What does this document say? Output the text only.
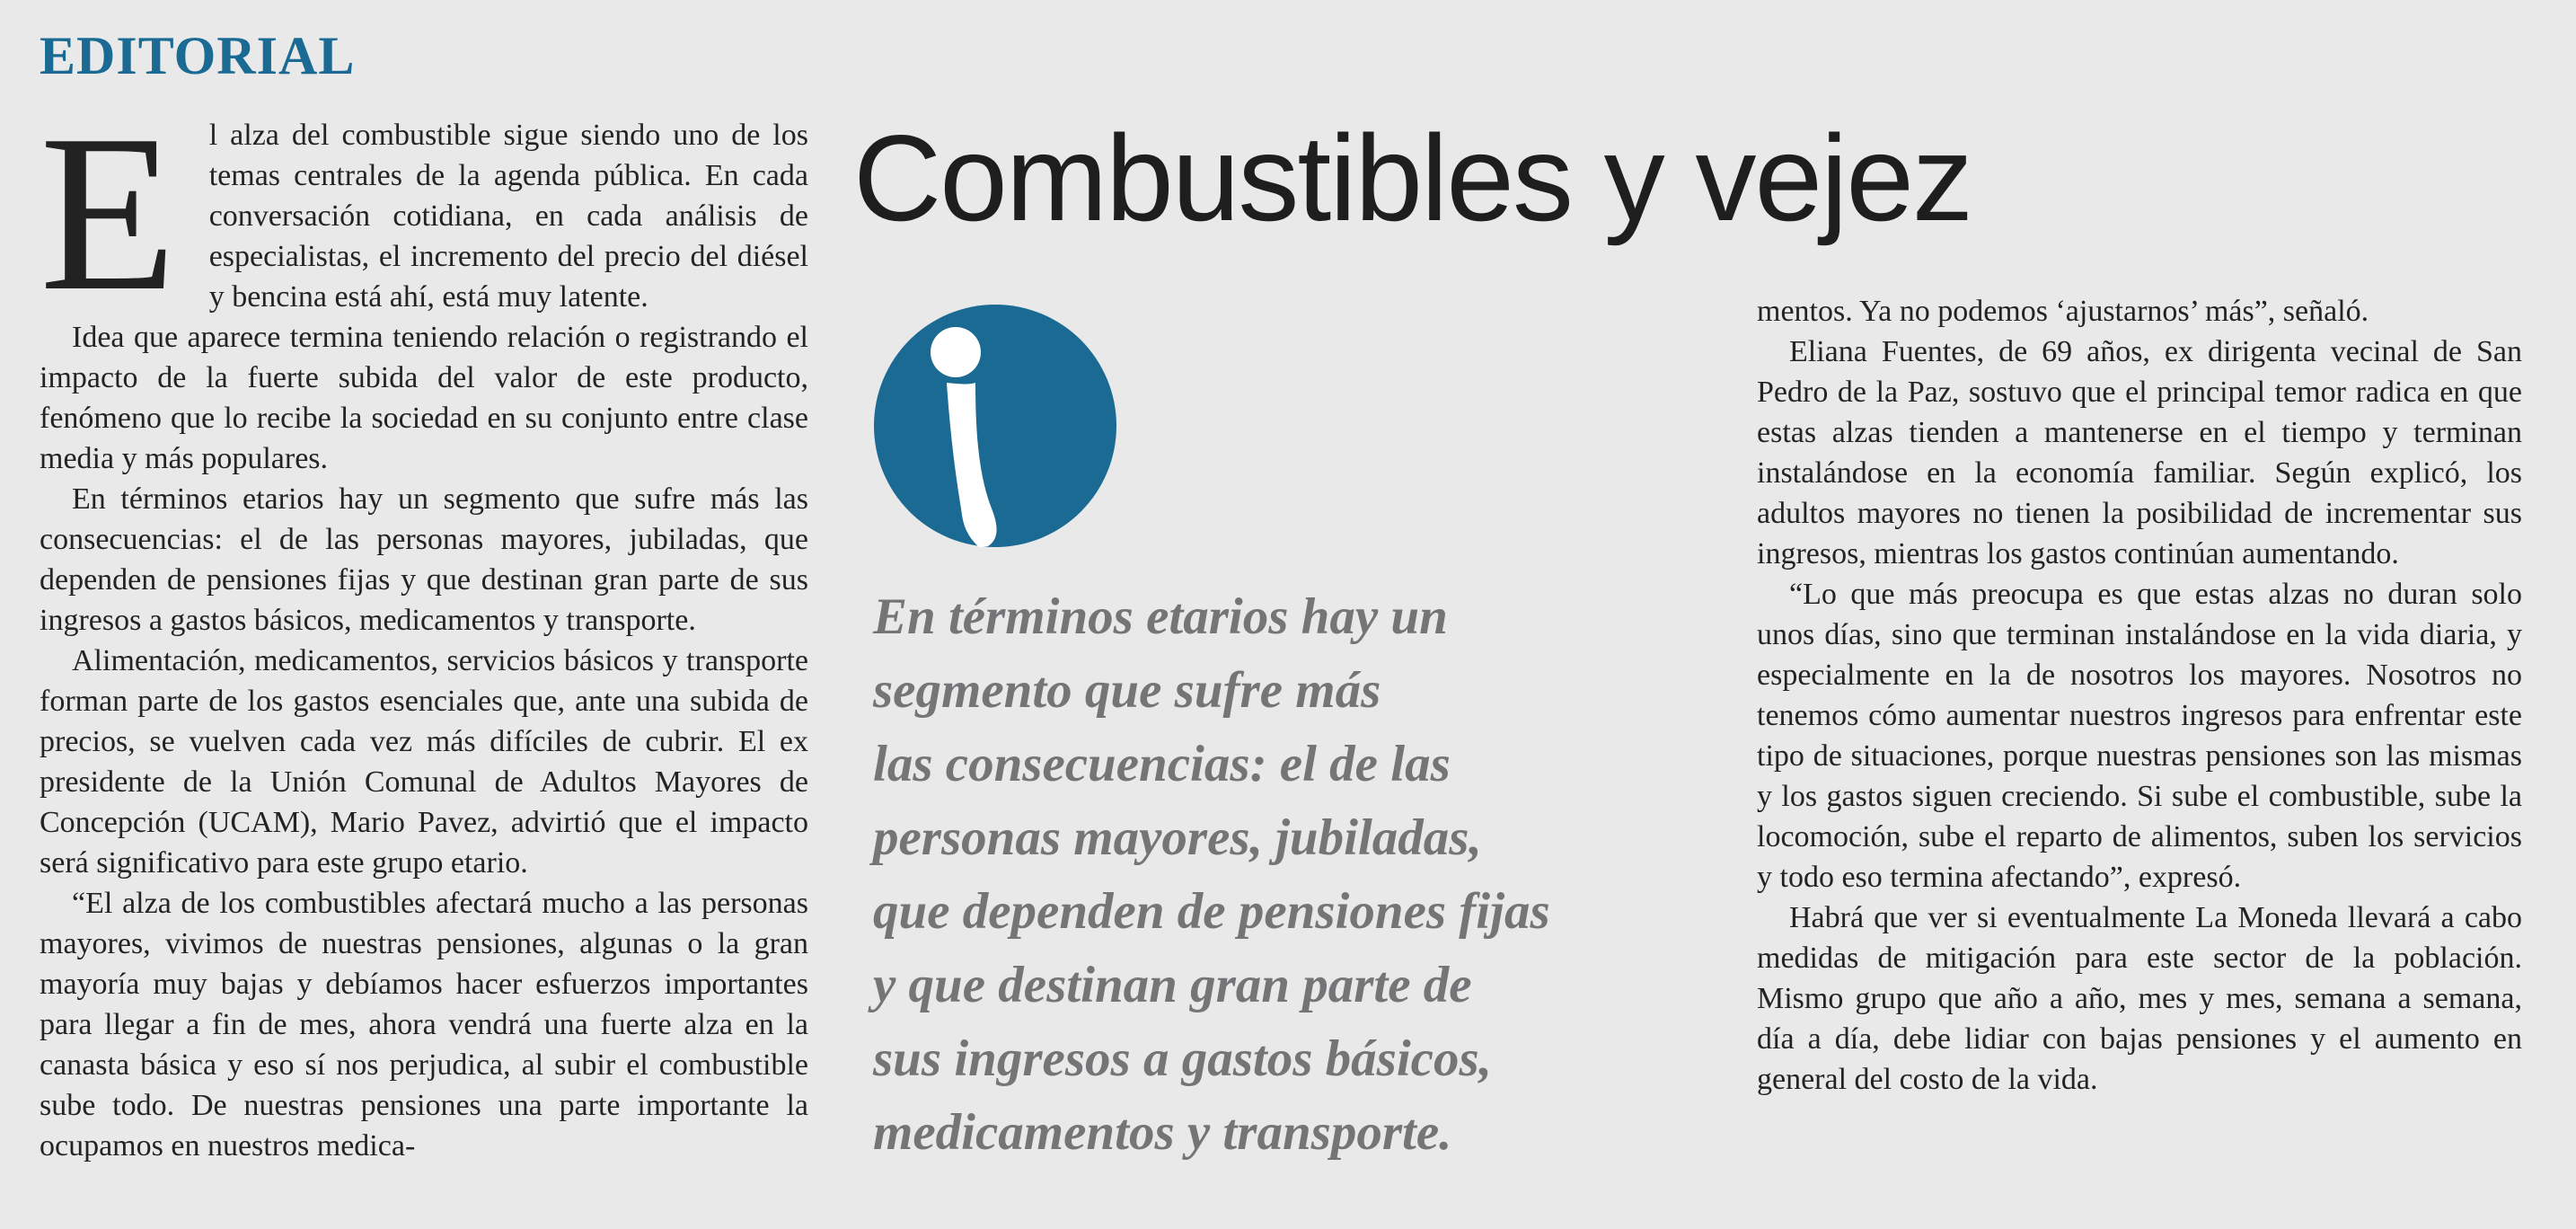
EDITORIAL
Combustibles y vejez
E	l alza del combustible sigue siendo uno de los temas centrales de la agenda pública. En cada conversación cotidiana, en cada análisis de especialistas, el incremento del precio del diésel y bencina está ahí, está muy latente.

Idea que aparece termina teniendo relación o registrando el impacto de la fuerte subida del valor de este producto, fenómeno que lo recibe la sociedad en su conjunto entre clase media y más populares.

En términos etarios hay un segmento que sufre más las consecuencias: el de las personas mayores, jubiladas, que dependen de pensiones fijas y que destinan gran parte de sus ingresos a gastos básicos, medicamentos y transporte.

Alimentación, medicamentos, servicios básicos y transporte forman parte de los gastos esenciales que, ante una subida de precios, se vuelven cada vez más difíciles de cubrir. El ex presidente de la Unión Comunal de Adultos Mayores de Concepción (UCAM), Mario Pavez, advirtió que el impacto será significativo para este grupo etario.

“El alza de los combustibles afectará mucho a las personas mayores, vivimos de nuestras pensiones, algunas o la gran mayoría muy bajas y debíamos hacer esfuerzos importantes para llegar a fin de mes, ahora vendrá una fuerte alza en la canasta básica y eso sí nos perjudica, al subir el combustible sube todo. De nuestras pensiones una parte importante la ocupamos en nuestros medica-

En términos etarios hay un
segmento que sufre más
las consecuencias: el de las
personas mayores, jubiladas,
que dependen de pensiones fijas
y que destinan gran parte de
sus ingresos a gastos básicos,
medicamentos y transporte.

mentos. Ya no podemos ‘ajustarnos’ más”, señaló.

Eliana Fuentes, de 69 años, ex dirigenta vecinal de San Pedro de la Paz, sostuvo que el principal temor radica en que estas alzas tienden a mantenerse en el tiempo y terminan instalándose en la economía familiar. Según explicó, los adultos mayores no tienen la posibilidad de incrementar sus ingresos, mientras los gastos continúan aumentando.

“Lo que más preocupa es que estas alzas no duran solo unos días, sino que terminan instalándose en la vida diaria, y especialmente en la de nosotros los mayores. Nosotros no tenemos cómo aumentar nuestros ingresos para enfrentar este tipo de situaciones, porque nuestras pensiones son las mismas y los gastos siguen creciendo. Si sube el combustible, sube la locomoción, sube el reparto de alimentos, suben los servicios y todo eso termina afectando”, expresó.

Habrá que ver si eventualmente La Moneda llevará a cabo medidas de mitigación para este sector de la población. Mismo grupo que año a año, mes y mes, semana a semana, día a día, debe lidiar con bajas pensiones y el aumento en general del costo de la vida.
